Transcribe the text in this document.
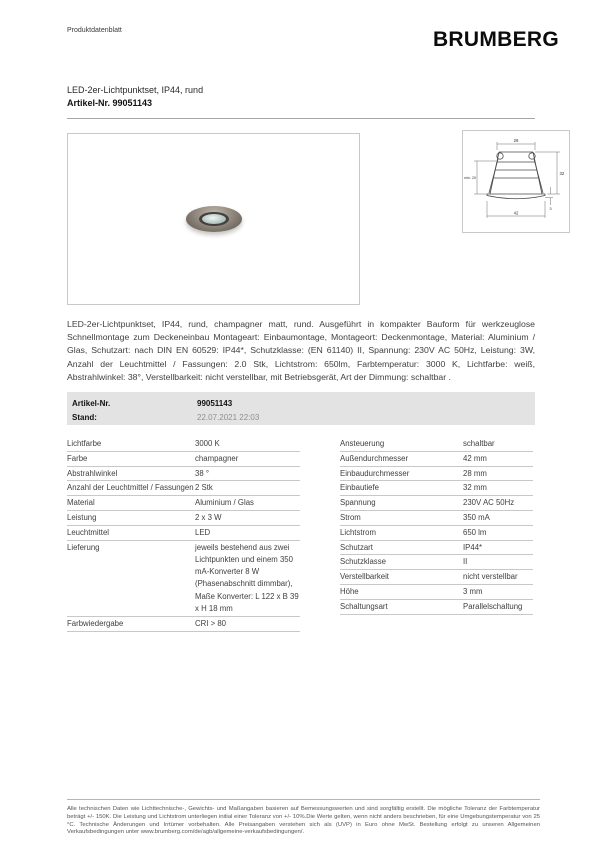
Produktdatenblatt	BRUMBERG
LED-2er-Lichtpunktset, IP44, rund
Artikel-Nr. 99051143
28
32
min. 20
42
3
LED-2er-Lichtpunktset, IP44, rund, champagner matt, rund. Ausgeführt in kompakter Bauform für werkzeuglose Schnellmontage zum Deckeneinbau Montageart: Einbaumontage, Montageort: Deckenmontage, Material: Aluminium / Glas, Schutzart: nach DIN EN 60529: IP44*, Schutzklasse: (EN 61140) II, Spannung: 230V AC 50Hz, Leistung: 3W, Anzahl der Leuchtmittel / Fassungen: 2.0 Stk, Lichtstrom: 650lm, Farbtemperatur: 3000 K, Lichtfarbe: weiß, Abstrahlwinkel: 38°, Verstellbarkeit: nicht verstellbar, mit Betriebsgerät, Art der Dimmung: schaltbar .
Artikel-Nr.	99051143
Stand:	22.07.2021 22:03
Lichtfarbe	3000 K
Farbe	champagner
Abstrahlwinkel	38 °
Anzahl der Leuchtmittel / Fassungen 2 Stk
Material	Aluminium / Glas
Leistung	2 x 3 W
Leuchtmittel	LED
Lieferung	jeweils bestehend aus zwei Lichtpunkten und einem 350 mA-Konverter 8 W (Phasenabschnitt dimmbar), Maße Konverter: L 122 x B 39 x H 18 mm
Farbwiedergabe	CRI > 80
Ansteuerung	schaltbar
Außendurchmesser	42 mm
Einbaudurchmesser	28 mm
Einbautiefe	32 mm
Spannung	230V AC 50Hz
Strom	350 mA
Lichtstrom	650 lm
Schutzart	IP44*
Schutzklasse	II
Verstellbarkeit	nicht verstellbar
Höhe	3 mm
Schaltungsart	Parallelschaltung
Alle technischen Daten wie Lichttechnische-, Gewichts- und Maßangaben basieren auf Bemessungswerten und sind sorgfältig erstellt. Die mögliche Toleranz der Farbtemperatur beträgt +/- 150K. Die Leistung und Lichtstrom unterliegen initial einer Toleranz von +/- 10%.Die Werte gelten, wenn nicht anders beschrieben, für eine Umgebungstemperatur von 25 °C. Technische Änderungen und Irrtümer vorbehalten. Alle Preisangaben verstehen sich als (UVP) in Euro ohne MwSt. Bestellung erfolgt zu unseren Allgemeinen Verkaufsbedingungen unter www.brumberg.com/de/agb/allgemeine-verkaufsbedingungen/.
